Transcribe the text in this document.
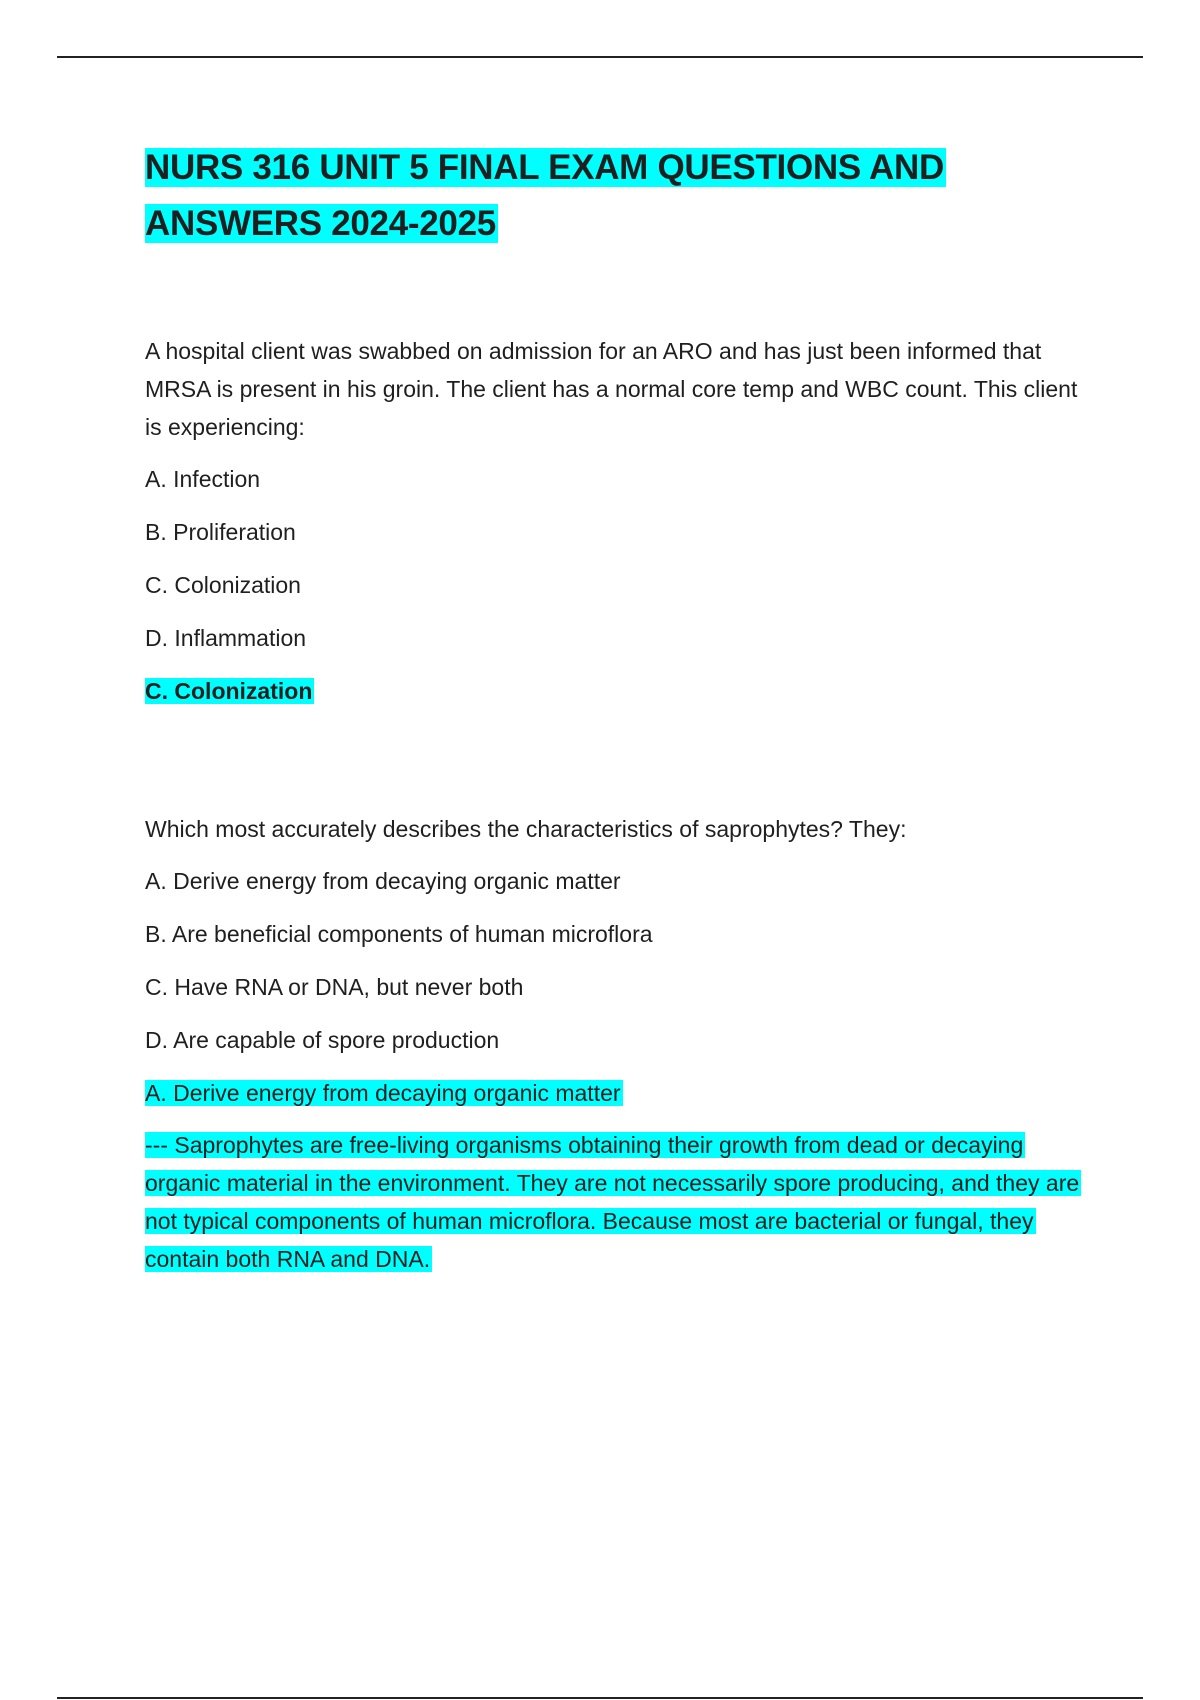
NURS 316 UNIT 5 FINAL EXAM QUESTIONS AND ANSWERS 2024-2025

A hospital client was swabbed on admission for an ARO and has just been informed that MRSA is present in his groin. The client has a normal core temp and WBC count. This client is experiencing:

A. Infection

B. Proliferation

C. Colonization

D. Inflammation

C. Colonization

Which most accurately describes the characteristics of saprophytes? They:

A. Derive energy from decaying organic matter

B. Are beneficial components of human microflora

C. Have RNA or DNA, but never both

D. Are capable of spore production

A. Derive energy from decaying organic matter

--- Saprophytes are free-living organisms obtaining their growth from dead or decaying organic material in the environment. They are not necessarily spore producing, and they are not typical components of human microflora. Because most are bacterial or fungal, they contain both RNA and DNA.
